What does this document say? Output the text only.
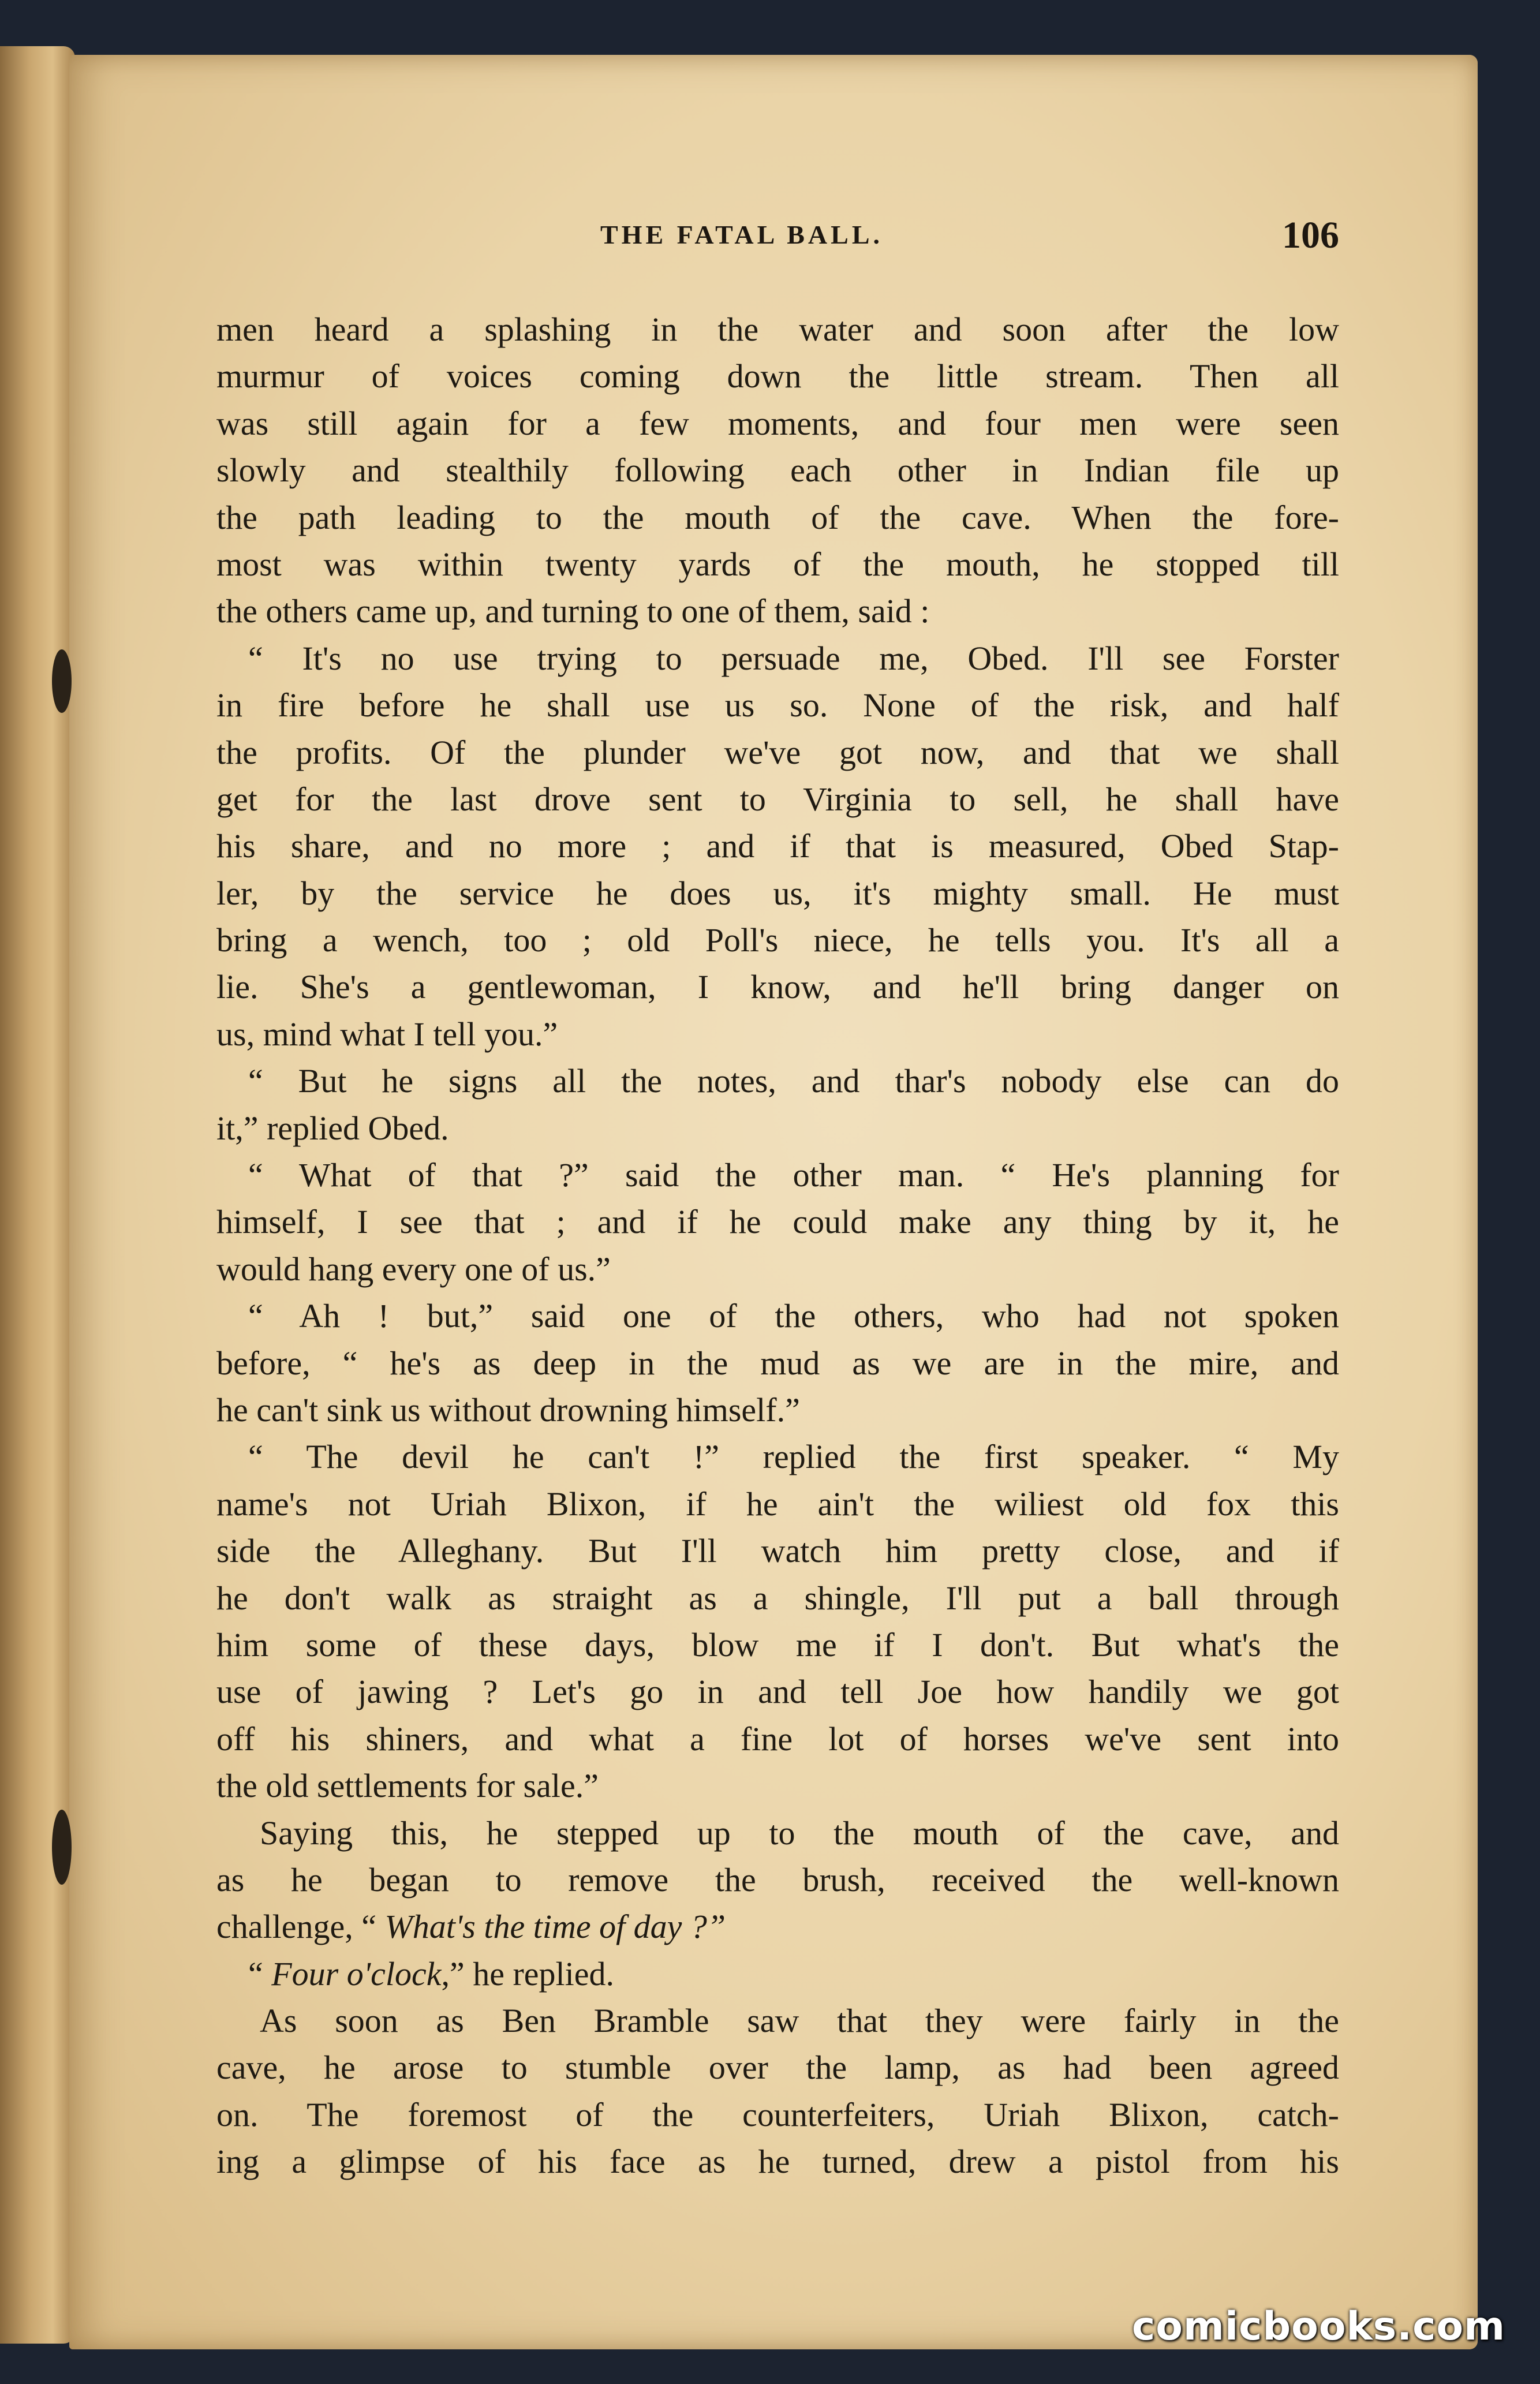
THE FATAL BALL.	106
men heard a splashing in the water and soon after the low
murmur of voices coming down the little stream. Then all
was still again for a few moments, and four men were seen
slowly and stealthily following each other in Indian file up
the path leading to the mouth of the cave. When the fore-
most was within twenty yards of the mouth, he stopped till
the others came up, and turning to one of them, said :
“ It's no use trying to persuade me, Obed. I'll see Forster
in fire before he shall use us so. None of the risk, and half
the profits. Of the plunder we've got now, and that we shall
get for the last drove sent to Virginia to sell, he shall have
his share, and no more ; and if that is measured, Obed Stap-
ler, by the service he does us, it's mighty small. He must
bring a wench, too ; old Poll's niece, he tells you. It's all a
lie. She's a gentlewoman, I know, and he'll bring danger on
us, mind what I tell you.”
“ But he signs all the notes, and thar's nobody else can do
it,” replied Obed.
“ What of that ?” said the other man. “ He's planning for
himself, I see that ; and if he could make any thing by it, he
would hang every one of us.”
“ Ah ! but,” said one of the others, who had not spoken
before, “ he's as deep in the mud as we are in the mire, and
he can't sink us without drowning himself.”
“ The devil he can't !” replied the first speaker. “ My
name's not Uriah Blixon, if he ain't the wiliest old fox this
side the Alleghany. But I'll watch him pretty close, and if
he don't walk as straight as a shingle, I'll put a ball through
him some of these days, blow me if I don't. But what's the
use of jawing ? Let's go in and tell Joe how handily we got
off his shiners, and what a fine lot of horses we've sent into
the old settlements for sale.”
Saying this, he stepped up to the mouth of the cave, and
as he began to remove the brush, received the well-known
challenge, “ What's the time of day ?”
“ Four o'clock,” he replied.
As soon as Ben Bramble saw that they were fairly in the
cave, he arose to stumble over the lamp, as had been agreed
on. The foremost of the counterfeiters, Uriah Blixon, catch-
ing a glimpse of his face as he turned, drew a pistol from his
comicbooks.com
